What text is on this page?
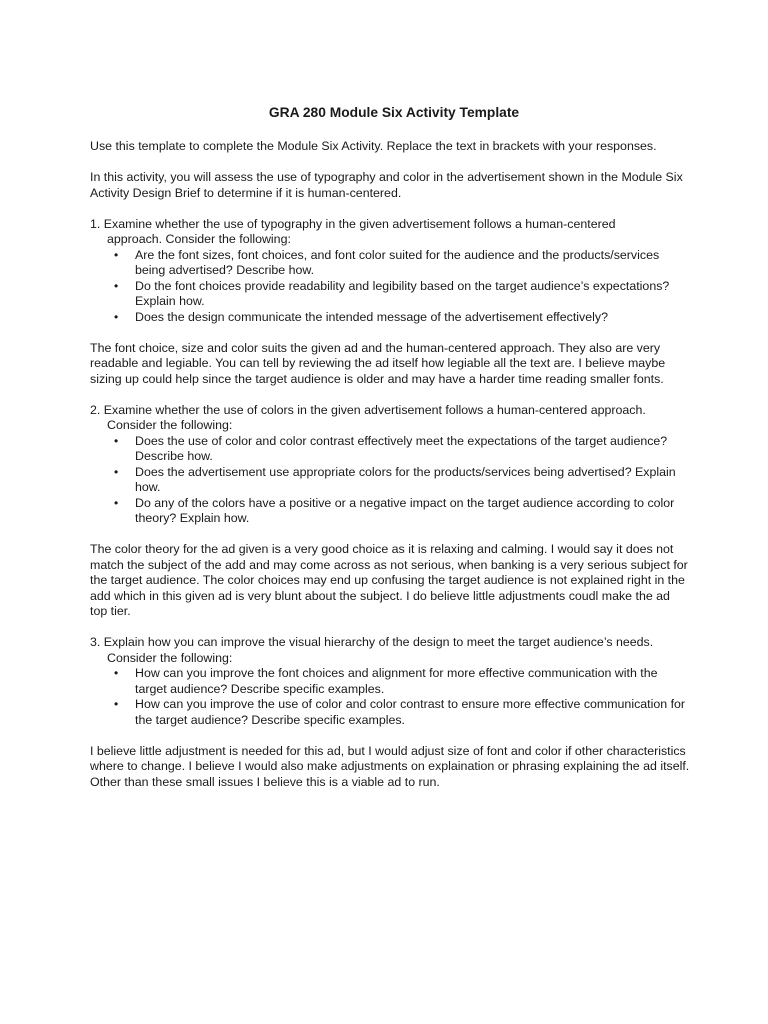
GRA 280 Module Six Activity Template

Use this template to complete the Module Six Activity. Replace the text in brackets with your responses.

In this activity, you will assess the use of typography and color in the advertisement shown in the Module Six Activity Design Brief to determine if it is human-centered.

1. Examine whether the use of typography in the given advertisement follows a human-centered
approach. Consider the following:
• Are the font sizes, font choices, and font color suited for the audience and the products/services being advertised? Describe how.
• Do the font choices provide readability and legibility based on the target audience’s expectations? Explain how.
• Does the design communicate the intended message of the advertisement effectively?

The font choice, size and color suits the given ad and the human-centered approach. They also are very readable and legiable. You can tell by reviewing the ad itself how legiable all the text are. I believe maybe sizing up could help since the target audience is older and may have a harder time reading smaller fonts.

2. Examine whether the use of colors in the given advertisement follows a human-centered approach.
Consider the following:
• Does the use of color and color contrast effectively meet the expectations of the target audience? Describe how.
• Does the advertisement use appropriate colors for the products/services being advertised? Explain how.
• Do any of the colors have a positive or a negative impact on the target audience according to color theory? Explain how.

The color theory for the ad given is a very good choice as it is relaxing and calming. I would say it does not match the subject of the add and may come across as not serious, when banking is a very serious subject for the target audience. The color choices may end up confusing the target audience is not explained right in the add which in this given ad is very blunt about the subject. I do believe little adjustments coudl make the ad top tier.

3. Explain how you can improve the visual hierarchy of the design to meet the target audience’s needs.
Consider the following:
• How can you improve the font choices and alignment for more effective communication with the target audience? Describe specific examples.
• How can you improve the use of color and color contrast to ensure more effective communication for the target audience? Describe specific examples.

I believe little adjustment is needed for this ad, but I would adjust size of font and color if other characteristics where to change. I believe I would also make adjustments on explaination or phrasing explaining the ad itself. Other than these small issues I believe this is a viable ad to run.
